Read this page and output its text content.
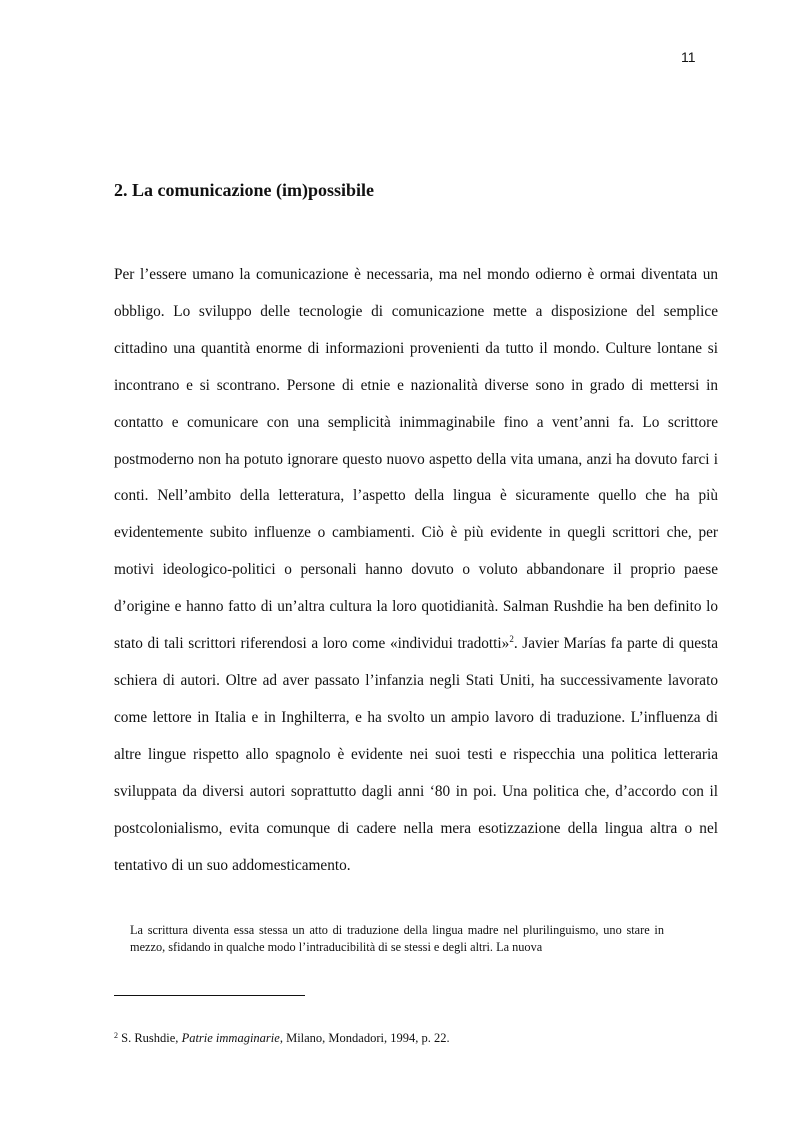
11
2. La comunicazione (im)possibile

Per l’essere umano la comunicazione è necessaria, ma nel mondo odierno è ormai diventata un obbligo. Lo sviluppo delle tecnologie di comunicazione mette a disposizione del semplice cittadino una quantità enorme di informazioni provenienti da tutto il mondo. Culture lontane si incontrano e si scontrano. Persone di etnie e nazionalità diverse sono in grado di mettersi in contatto e comunicare con una semplicità inimmaginabile fino a vent’anni fa. Lo scrittore postmoderno non ha potuto ignorare questo nuovo aspetto della vita umana, anzi ha dovuto farci i conti. Nell’ambito della letteratura, l’aspetto della lingua è sicuramente quello che ha più evidentemente subito influenze o cambiamenti. Ciò è più evidente in quegli scrittori che, per motivi ideologico-politici o personali hanno dovuto o voluto abbandonare il proprio paese d’origine e hanno fatto di un’altra cultura la loro quotidianità. Salman Rushdie ha ben definito lo stato di tali scrittori riferendosi a loro come «individui tradotti»$^2$. Javier Marías fa parte di questa schiera di autori. Oltre ad aver passato l’infanzia negli Stati Uniti, ha successivamente lavorato come lettore in Italia e in Inghilterra, e ha svolto un ampio lavoro di traduzione. L’influenza di altre lingue rispetto allo spagnolo è evidente nei suoi testi e rispecchia una politica letteraria sviluppata da diversi autori soprattutto dagli anni ‘80 in poi. Una politica che, d’accordo con il postcolonialismo, evita comunque di cadere nella mera esotizzazione della lingua altra o nel tentativo di un suo addomesticamento.

La scrittura diventa essa stessa un atto di traduzione della lingua madre nel plurilinguismo, uno stare in mezzo, sfidando in qualche modo l’intraducibilità di se stessi e degli altri. La nuova

$^2$ S. Rushdie, Patrie immaginarie, Milano, Mondadori, 1994, p. 22.
